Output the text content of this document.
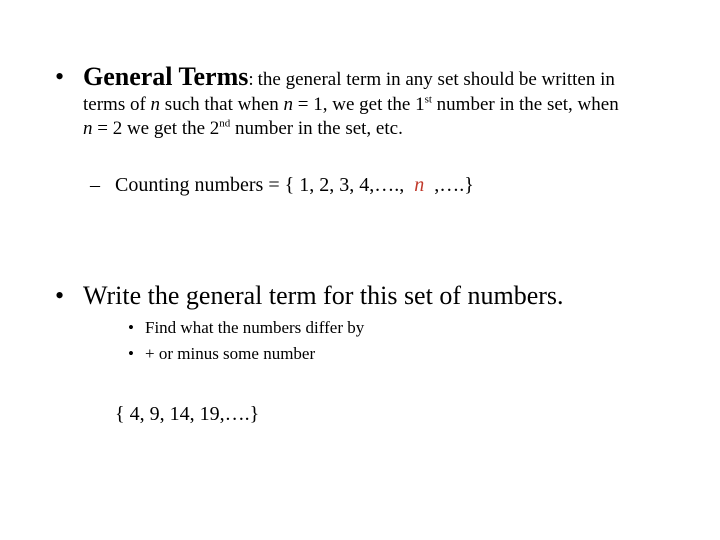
• General Terms: the general term in any set should be written in
terms of n such that when n = 1, we get the 1st number in the set, when
n = 2 we get the 2nd number in the set, etc.
– Counting numbers = { 1, 2, 3, 4,…., n ,….}
• Write the general term for this set of numbers.
• Find what the numbers differ by
• + or minus some number
{ 4, 9, 14, 19,….}
